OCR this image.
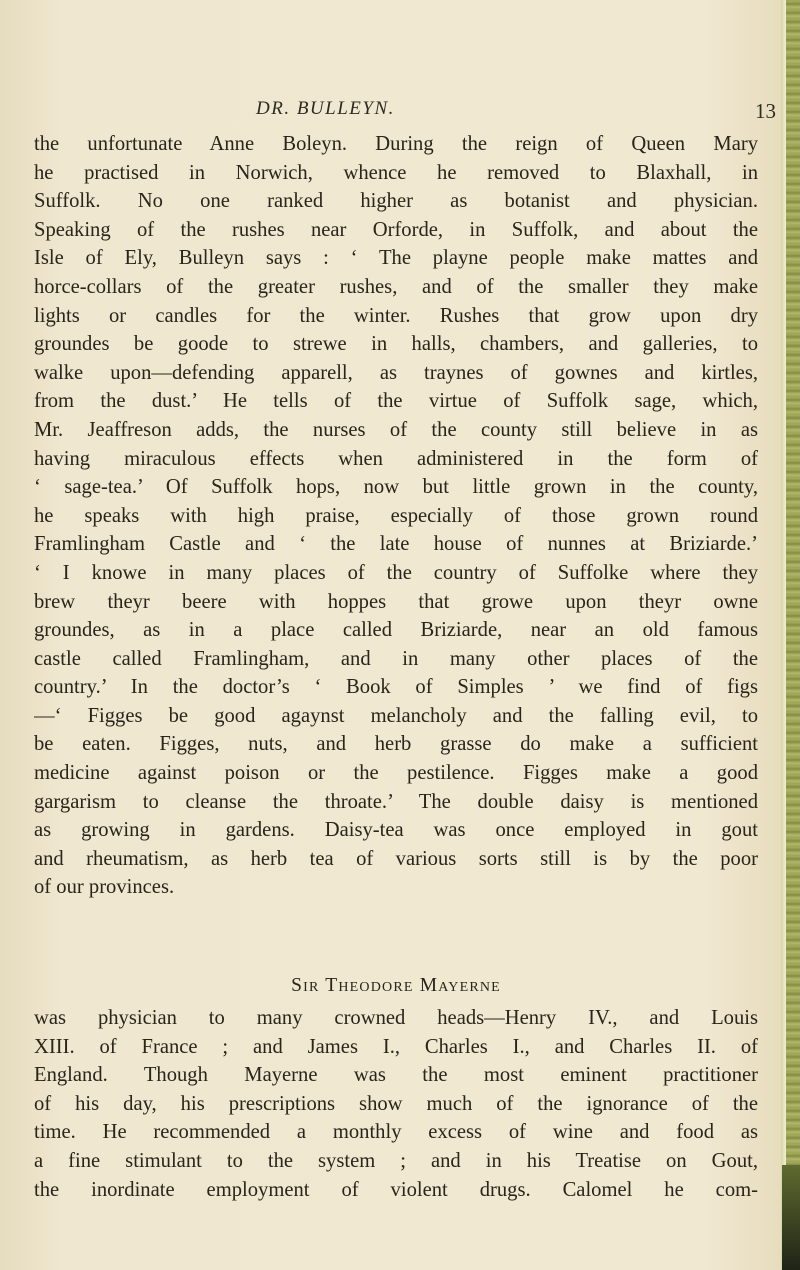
DR. BULLEYN.	13
the unfortunate Anne Boleyn. During the reign of Queen Mary
he practised in Norwich, whence he removed to Blaxhall, in
Suffolk. No one ranked higher as botanist and physician.
Speaking of the rushes near Orforde, in Suffolk, and about the
Isle of Ely, Bulleyn says : ‘ The playne people make mattes and
horce-collars of the greater rushes, and of the smaller they make
lights or candles for the winter. Rushes that grow upon dry
groundes be goode to strewe in halls, chambers, and galleries, to
walke upon—defending apparell, as traynes of gownes and kirtles,
from the dust.’ He tells of the virtue of Suffolk sage, which,
Mr. Jeaffreson adds, the nurses of the county still believe in as
having miraculous effects when administered in the form of
‘ sage-tea.’ Of Suffolk hops, now but little grown in the county,
he speaks with high praise, especially of those grown round
Framlingham Castle and ‘ the late house of nunnes at Briziarde.’
‘ I knowe in many places of the country of Suffolke where they
brew theyr beere with hoppes that growe upon theyr owne
groundes, as in a place called Briziarde, near an old famous
castle called Framlingham, and in many other places of the
country.’ In the doctor’s ‘ Book of Simples ’ we find of figs
—‘ Figges be good agaynst melancholy and the falling evil, to
be eaten. Figges, nuts, and herb grasse do make a sufficient
medicine against poison or the pestilence. Figges make a good
gargarism to cleanse the throate.’ The double daisy is mentioned
as growing in gardens. Daisy-tea was once employed in gout
and rheumatism, as herb tea of various sorts still is by the poor
of our provinces.
Sir Theodore Mayerne
was physician to many crowned heads—Henry IV., and Louis
XIII. of France ; and James I., Charles I., and Charles II. of
England. Though Mayerne was the most eminent practitioner
of his day, his prescriptions show much of the ignorance of the
time. He recommended a monthly excess of wine and food as
a fine stimulant to the system ; and in his Treatise on Gout,
the inordinate employment of violent drugs. Calomel he com-
